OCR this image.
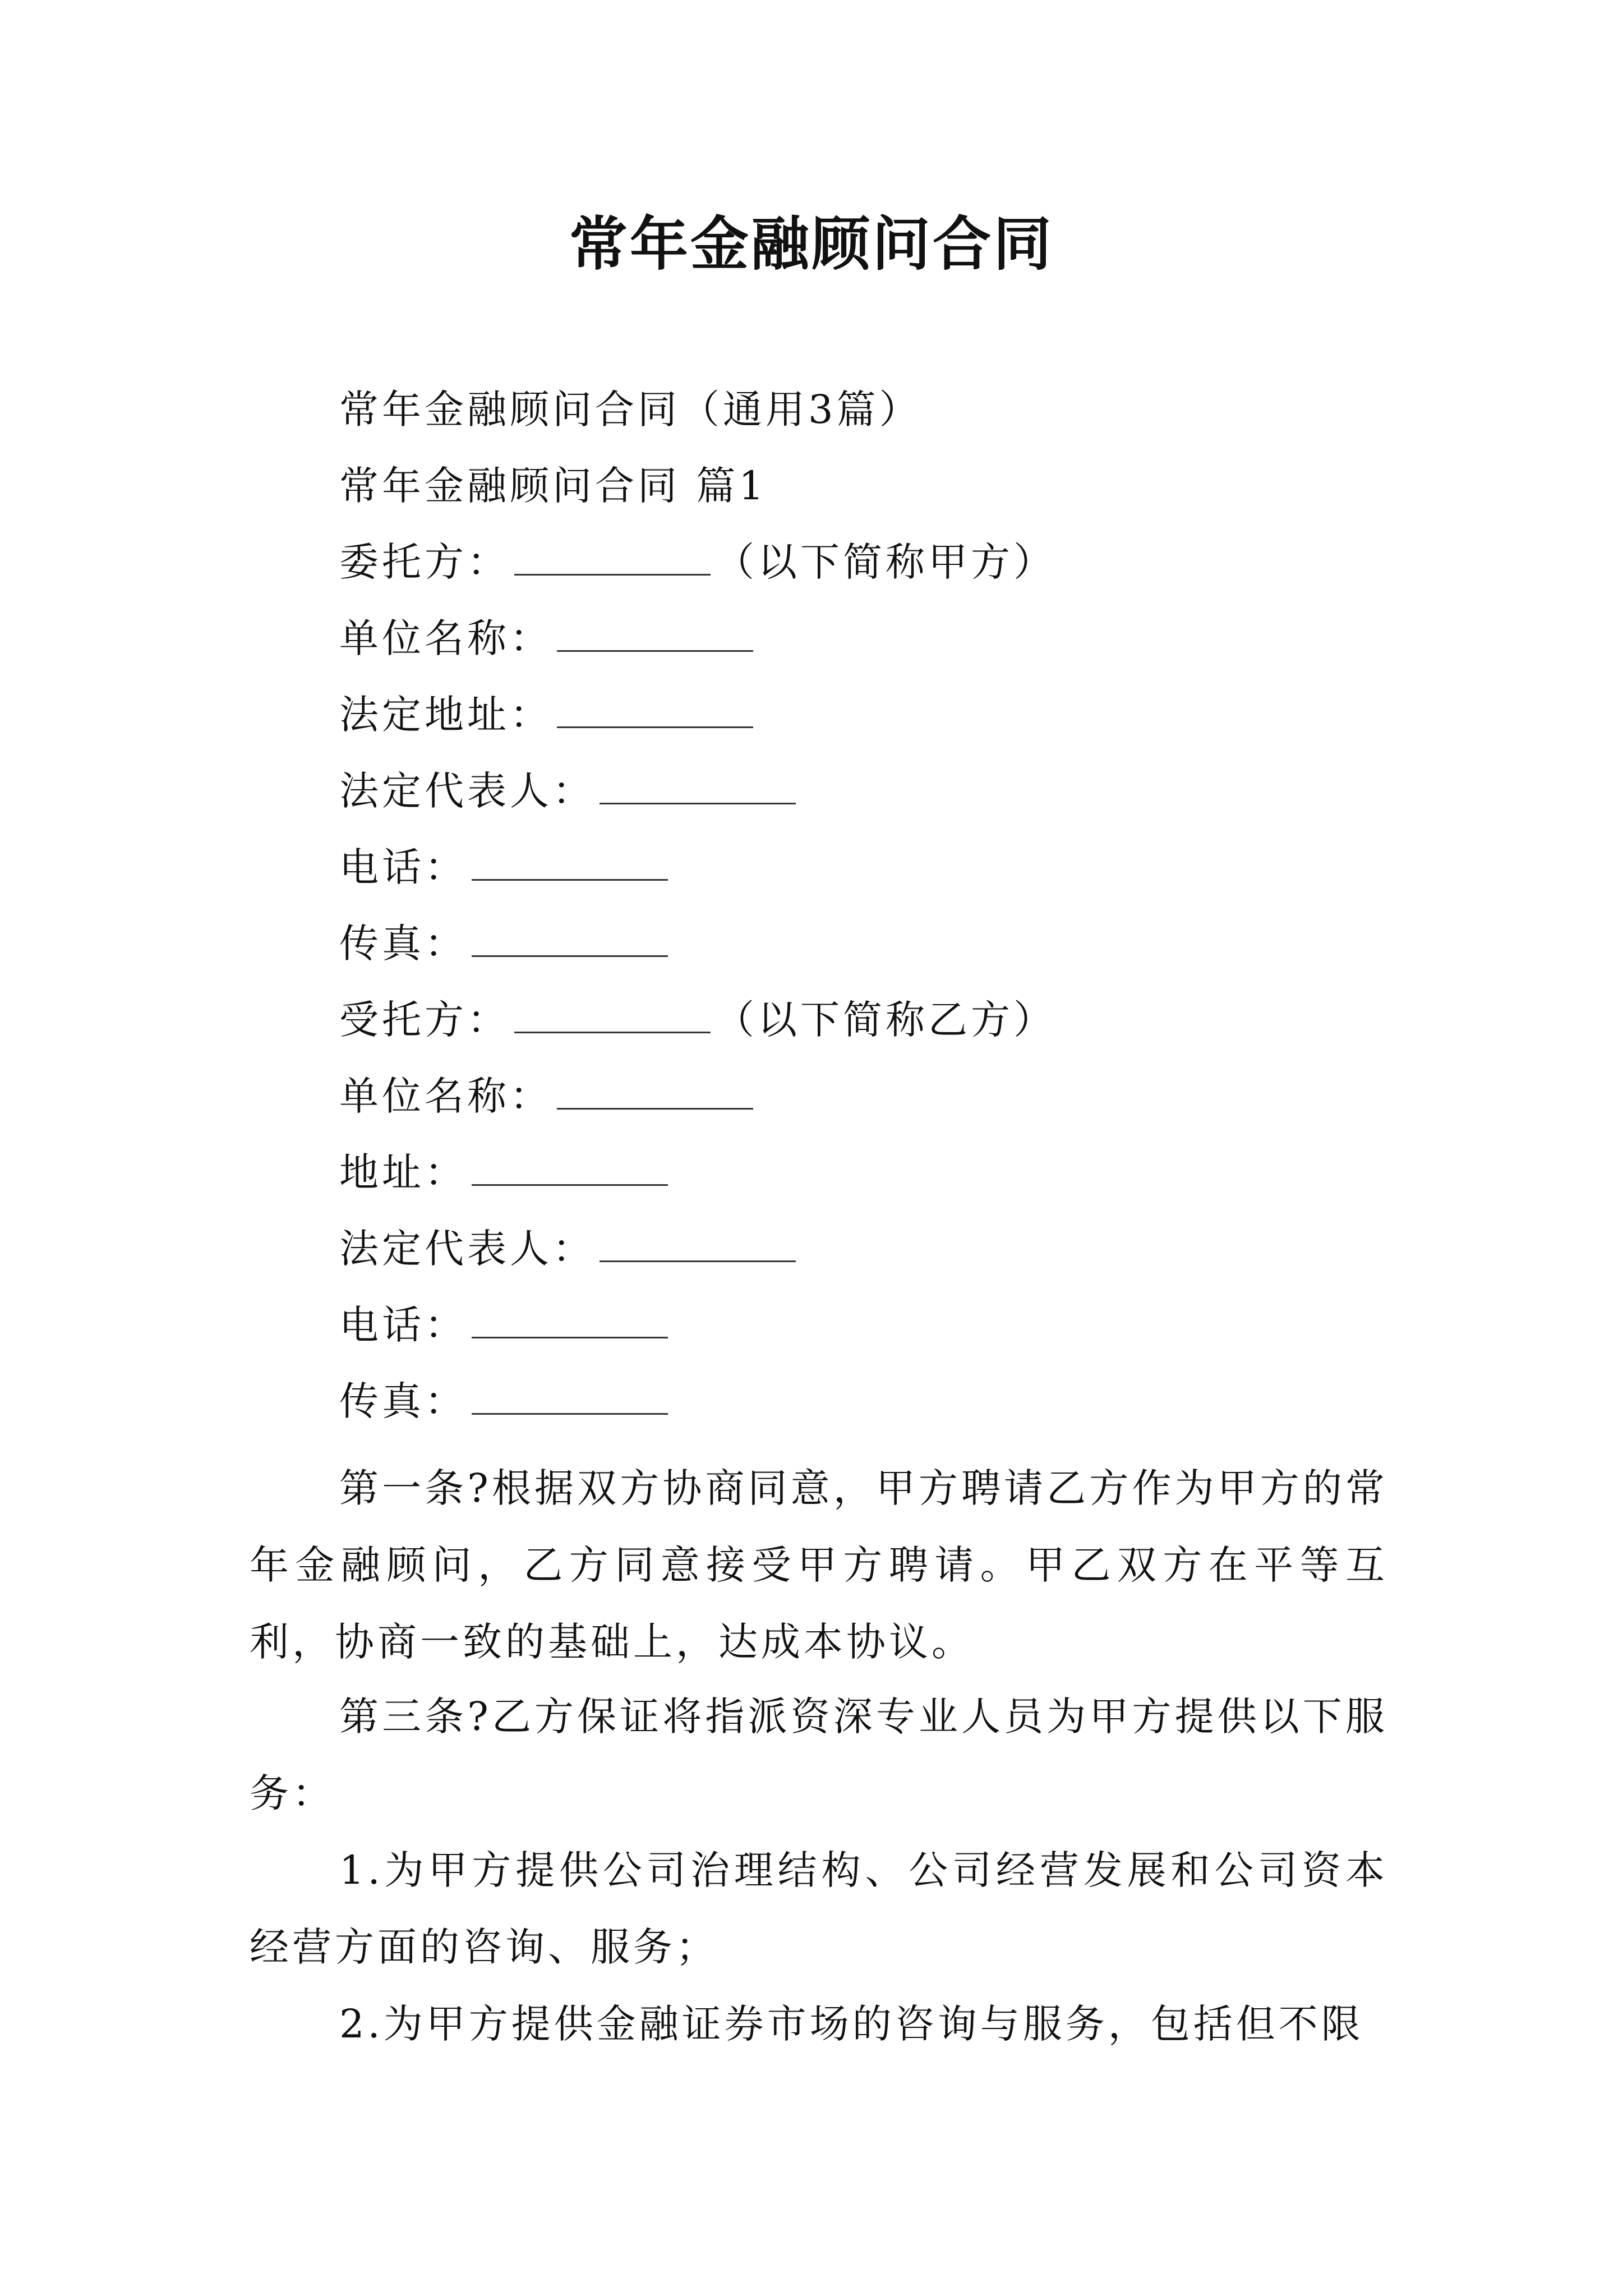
常年金融顾问合同
常年金融顾问合同（通用3篇）
常年金融顾问合同 篇1
委托方：	（以下简称甲方）
单位名称：
法定地址：
法定代表人：
电话：
传真：
受托方：	（以下简称乙方）
单位名称：
地址：
法定代表人：
电话：
传真：
第一条?根据双方协商同意，甲方聘请乙方作为甲方的常年金融顾问，乙方同意接受甲方聘请。甲乙双方在平等互利，协商一致的基础上，达成本协议。
第三条?乙方保证将指派资深专业人员为甲方提供以下服务：
1.为甲方提供公司治理结构、公司经营发展和公司资本经营方面的咨询、服务；
2.为甲方提供金融证券市场的咨询与服务，包括但不限
